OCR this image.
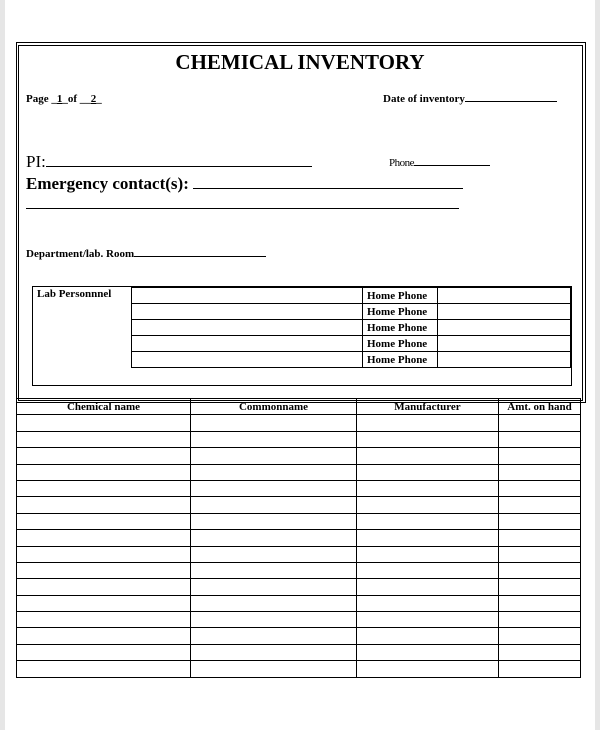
CHEMICAL INVENTORY
Page _1_of __2_	Date of inventory
PI:	Phone
Emergency contact(s):
Department/lab. Room
Lab Personnnel		Home Phone	
		Home Phone	
		Home Phone	
		Home Phone	
		Home Phone	
Chemical name	Commonname	Manufacturer	Amt. on hand
